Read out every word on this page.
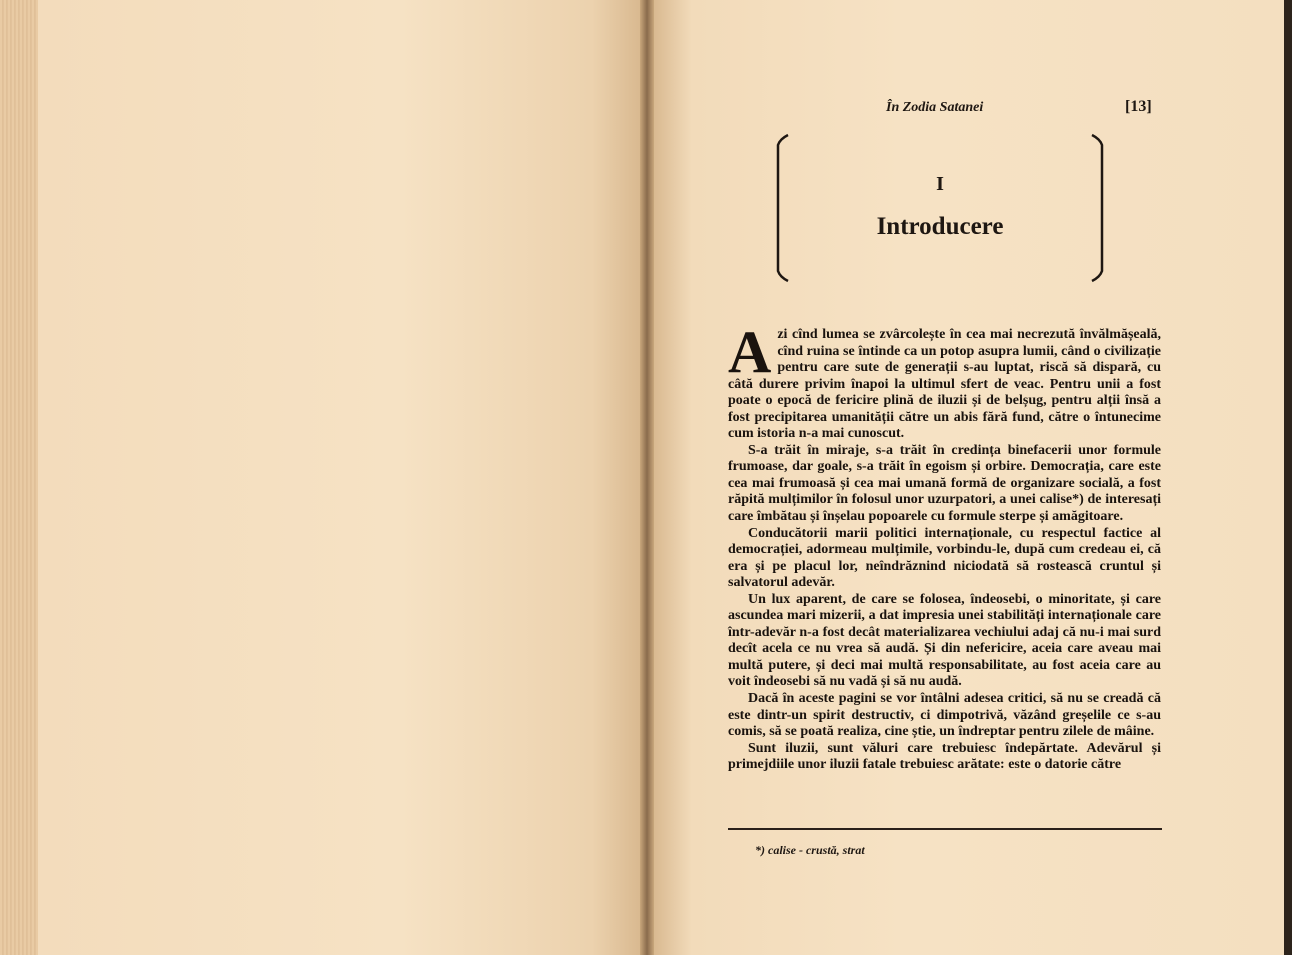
În Zodia Satanei	[13]
I
Introducere

Azi cînd lumea se zvârcolește în cea mai necrezută învălmășeală, cînd ruina se întinde ca un potop asupra lumii, când o civilizație pentru care sute de generații s-au luptat, riscă să dispară, cu câtă durere privim înapoi la ultimul sfert de veac. Pentru unii a fost poate o epocă de fericire plină de iluzii și de belșug, pentru alții însă a fost precipitarea umanității către un abis fără fund, către o întunecime cum istoria n-a mai cunoscut.

S-a trăit în miraje, s-a trăit în credința binefacerii unor formule frumoase, dar goale, s-a trăit în egoism și orbire. Democrația, care este cea mai frumoasă și cea mai umană formă de organizare socială, a fost răpită mulțimilor în folosul unor uzurpatori, a unei calise*) de interesați care îmbătau și înșelau popoarele cu formule sterpe și amăgitoare.

Conducătorii marii politici internaționale, cu respectul factice al democrației, adormeau mulțimile, vorbindu-le, după cum credeau ei, că era și pe placul lor, neîndrăznind niciodată să rostească cruntul și salvatorul adevăr.

Un lux aparent, de care se folosea, îndeosebi, o minoritate, și care ascundea mari mizerii, a dat impresia unei stabilități internaționale care într-adevăr n-a fost decât materializarea vechiului adaj că nu-i mai surd decît acela ce nu vrea să audă. Și din nefericire, aceia care aveau mai multă putere, și deci mai multă responsabilitate, au fost aceia care au voit îndeosebi să nu vadă și să nu audă.

Dacă în aceste pagini se vor întâlni adesea critici, să nu se creadă că este dintr-un spirit destructiv, ci dimpotrivă, văzând greșelile ce s-au comis, să se poată realiza, cine știe, un îndreptar pentru zilele de mâine.

Sunt iluzii, sunt văluri care trebuiesc îndepărtate. Adevărul și primejdiile unor iluzii fatale trebuiesc arătate: este o datorie către

*) calise - crustă, strat
